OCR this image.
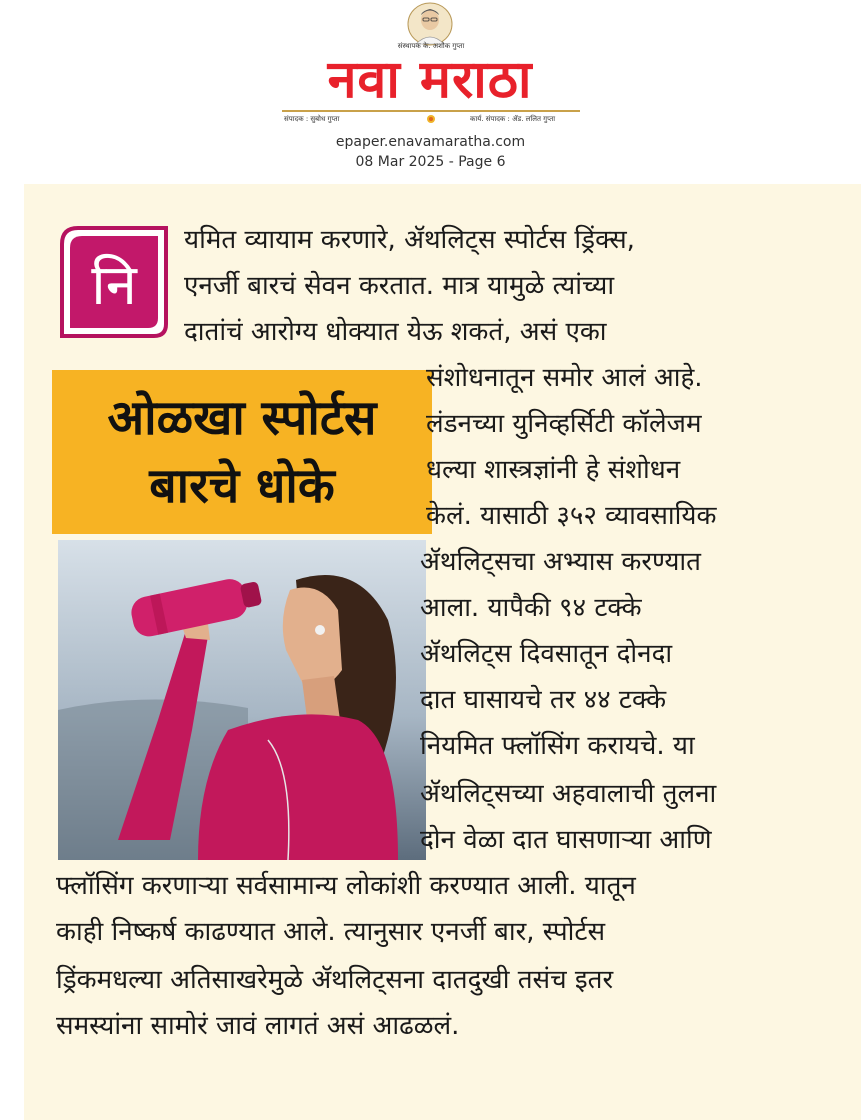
संस्थापक के. अशोक गुप्ता
नवा मराठा
संपादक : सुबोध गुप्ता	कार्य. संपादक : ॲड. ललित गुप्ता
epaper.enavamaratha.com
08 Mar 2025 - Page 6
नि
ओळखा स्पोर्टस
बारचे धोके
यमित व्यायाम करणारे, ॲथलिट्स स्पोर्टस ड्रिंक्स,
एनर्जी बारचं सेवन करतात. मात्र यामुळे त्यांच्या
दातांचं आरोग्य धोक्यात येऊ शकतं, असं एका
संशोधनातून समोर आलं आहे.
लंडनच्या युनिव्हर्सिटी कॉलेजम
धल्या शास्त्रज्ञांनी हे संशोधन
केलं. यासाठी ३५२ व्यावसायिक
ॲथलिट्सचा अभ्यास करण्यात
आला. यापैकी ९४ टक्के
ॲथलिट्स दिवसातून दोनदा
दात घासायचे तर ४४ टक्के
नियमित फ्लॉसिंग करायचे. या
ॲथलिट्सच्या अहवालाची तुलना
दोन वेळा दात घासणाऱ्या आणि
फ्लॉसिंग करणाऱ्या सर्वसामान्य लोकांशी करण्यात आली. यातून
काही निष्कर्ष काढण्यात आले. त्यानुसार एनर्जी बार, स्पोर्टस
ड्रिंकमधल्या अतिसाखरेमुळे ॲथलिट्सना दातदुखी तसंच इतर
समस्यांना सामोरं जावं लागतं असं आढळलं.
